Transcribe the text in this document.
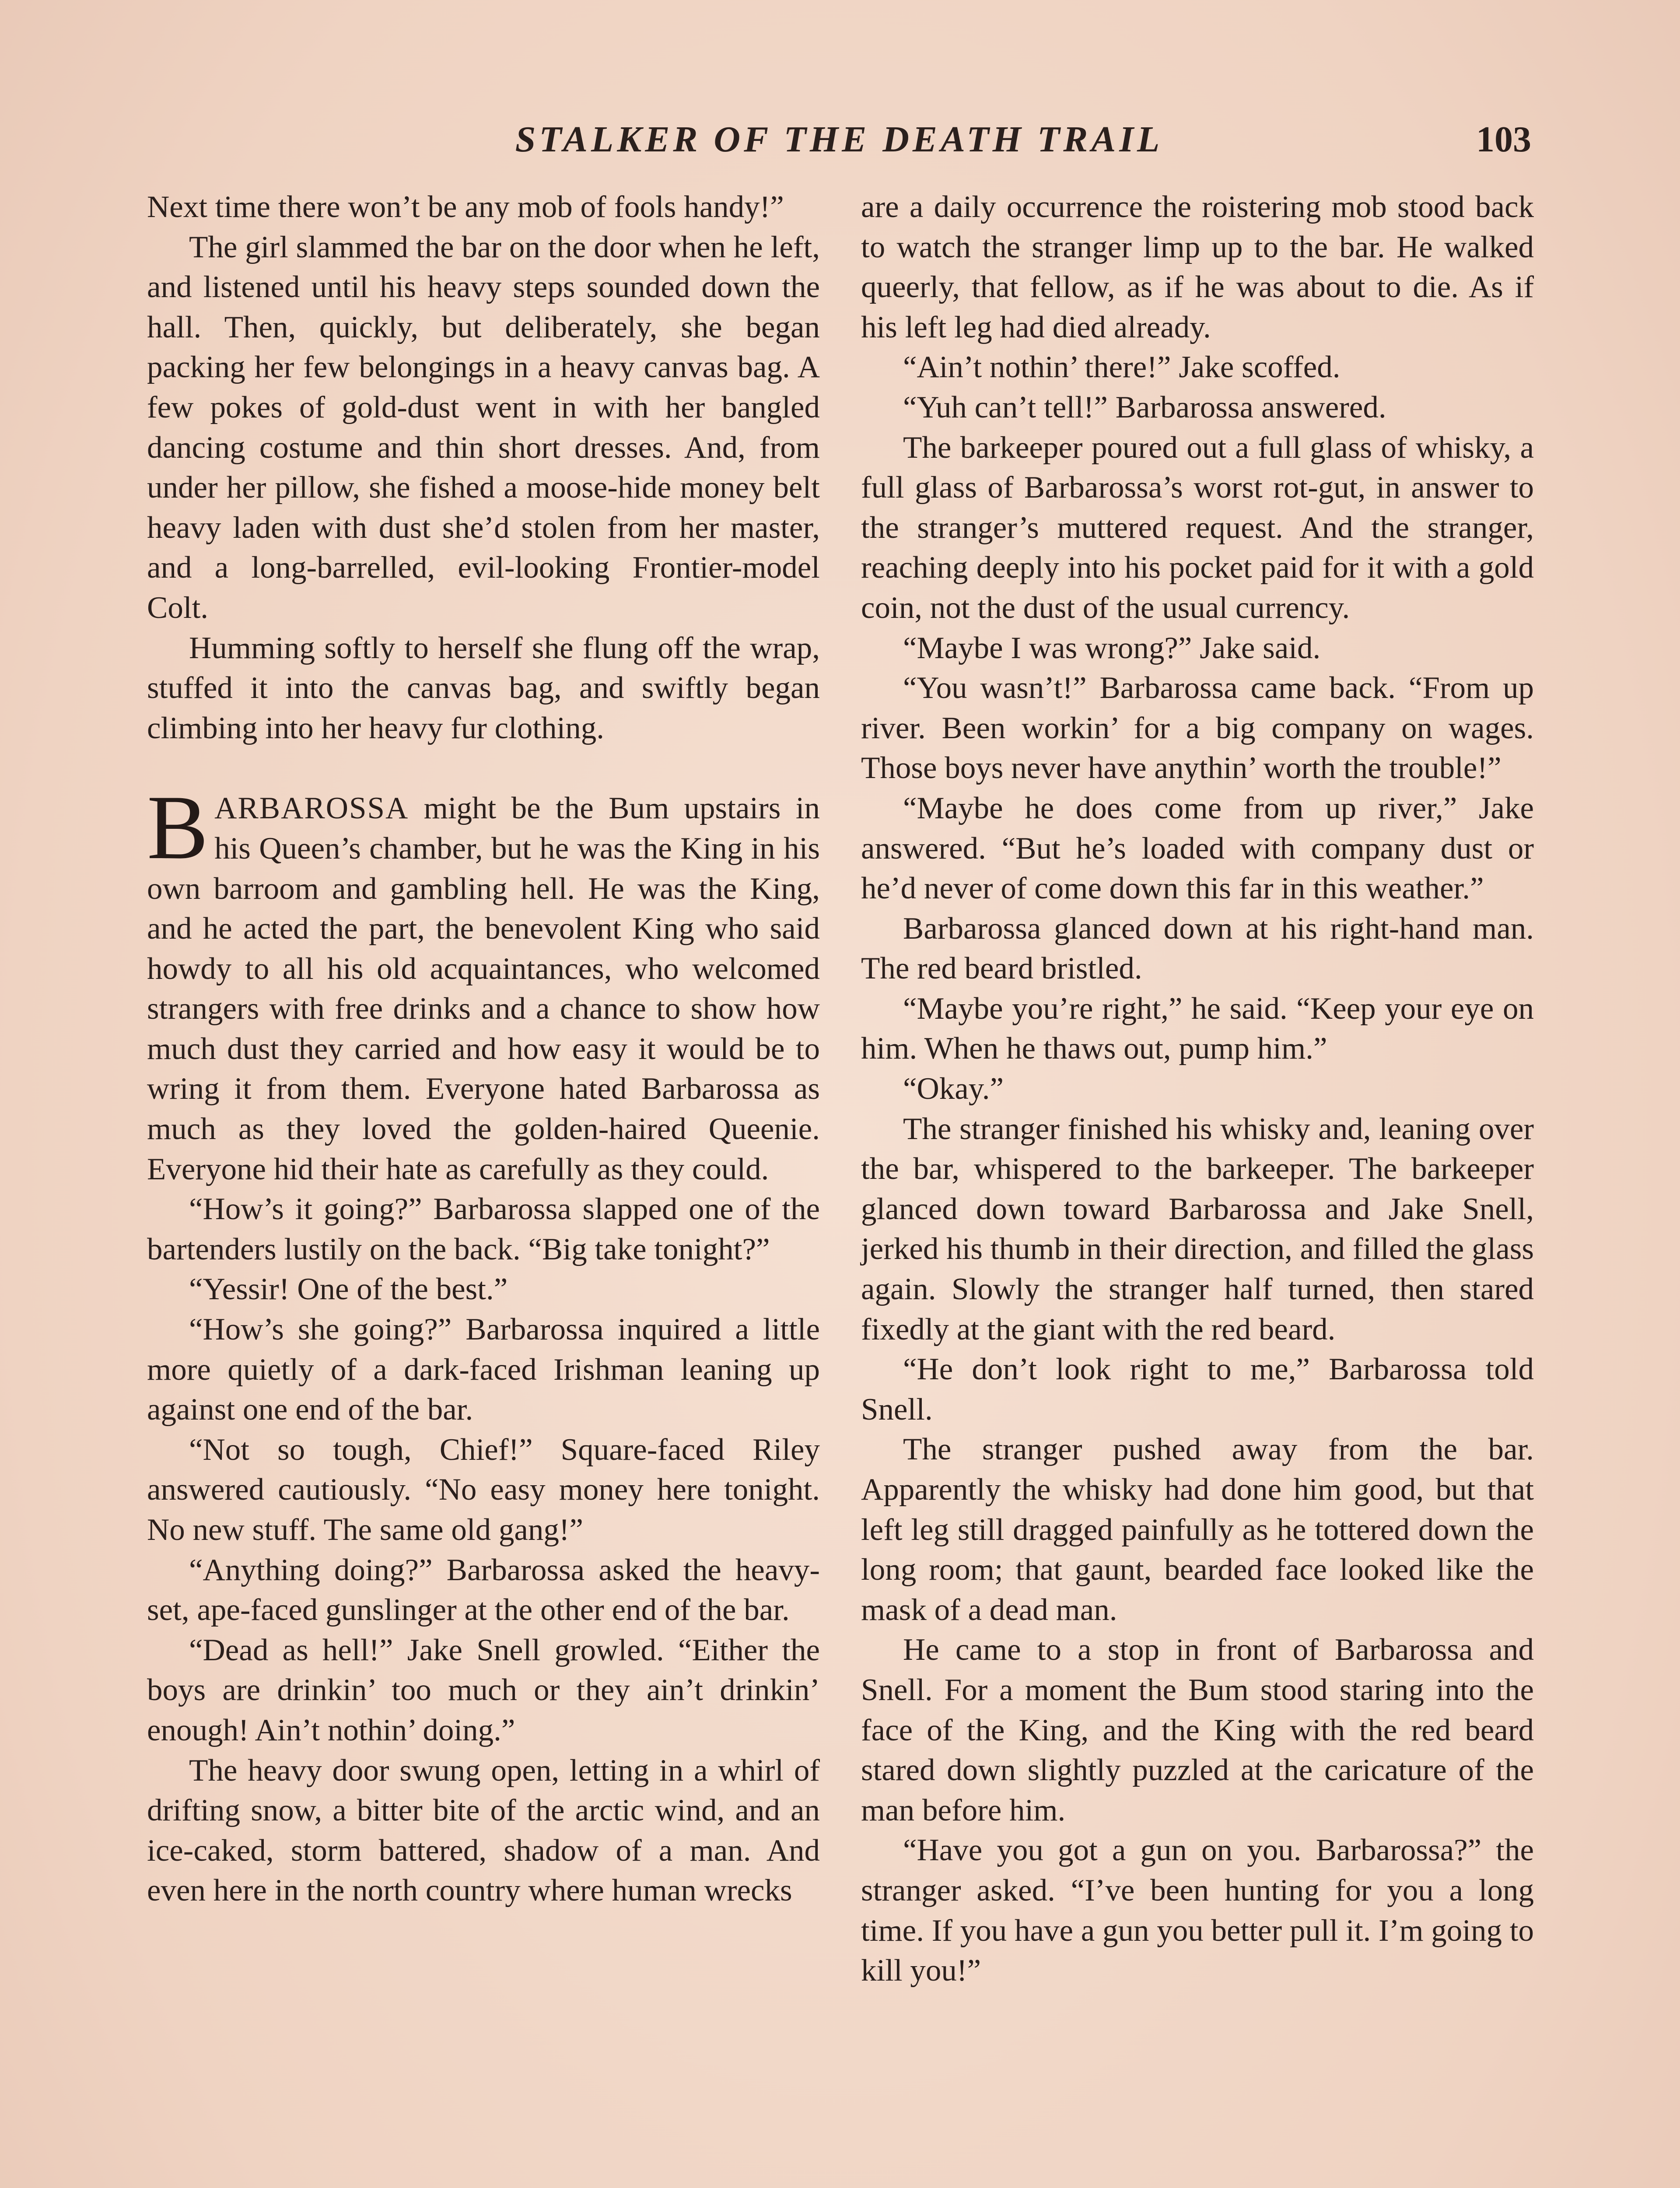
STALKER OF THE DEATH TRAIL	103

Next time there won’t be any mob of fools handy!”

The girl slammed the bar on the door when he left, and listened until his heavy steps sounded down the hall. Then, quickly, but deliberately, she began packing her few belongings in a heavy canvas bag. A few pokes of gold-dust went in with her bangled dancing costume and thin short dresses. And, from under her pillow, she fished a moose-hide money belt heavy laden with dust she’d stolen from her master, and a long-barrelled, evil-looking Frontier-model Colt.

Humming softly to herself she flung off the wrap, stuffed it into the canvas bag, and swiftly began climbing into her heavy fur clothing.

BARBAROSSA might be the Bum upstairs in his Queen’s chamber, but he was the King in his own barroom and gambling hell. He was the King, and he acted the part, the benevolent King who said howdy to all his old acquaintances, who welcomed strangers with free drinks and a chance to show how much dust they carried and how easy it would be to wring it from them. Everyone hated Barbarossa as much as they loved the golden-haired Queenie. Everyone hid their hate as carefully as they could.

“How’s it going?” Barbarossa slapped one of the bartenders lustily on the back. “Big take tonight?”

“Yessir! One of the best.”

“How’s she going?” Barbarossa inquired a little more quietly of a dark-faced Irishman leaning up against one end of the bar.

“Not so tough, Chief!” Square-faced Riley answered cautiously. “No easy money here tonight. No new stuff. The same old gang!”

“Anything doing?” Barbarossa asked the heavy-set, ape-faced gunslinger at the other end of the bar.

“Dead as hell!” Jake Snell growled. “Either the boys are drinkin’ too much or they ain’t drinkin’ enough! Ain’t nothin’ doing.”

The heavy door swung open, letting in a whirl of drifting snow, a bitter bite of the arctic wind, and an ice-caked, storm battered, shadow of a man. And even here in the north country where human wrecks

are a daily occurrence the roistering mob stood back to watch the stranger limp up to the bar. He walked queerly, that fellow, as if he was about to die. As if his left leg had died already.

“Ain’t nothin’ there!” Jake scoffed.

“Yuh can’t tell!” Barbarossa answered.

The barkeeper poured out a full glass of whisky, a full glass of Barbarossa’s worst rot-gut, in answer to the stranger’s muttered request. And the stranger, reaching deeply into his pocket paid for it with a gold coin, not the dust of the usual currency.

“Maybe I was wrong?” Jake said.

“You wasn’t!” Barbarossa came back. “From up river. Been workin’ for a big company on wages. Those boys never have anythin’ worth the trouble!”

“Maybe he does come from up river,” Jake answered. “But he’s loaded with company dust or he’d never of come down this far in this weather.”

Barbarossa glanced down at his right-hand man. The red beard bristled.

“Maybe you’re right,” he said. “Keep your eye on him. When he thaws out, pump him.”

“Okay.”

The stranger finished his whisky and, leaning over the bar, whispered to the barkeeper. The barkeeper glanced down toward Barbarossa and Jake Snell, jerked his thumb in their direction, and filled the glass again. Slowly the stranger half turned, then stared fixedly at the giant with the red beard.

“He don’t look right to me,” Barbarossa told Snell.

The stranger pushed away from the bar. Apparently the whisky had done him good, but that left leg still dragged painfully as he tottered down the long room; that gaunt, bearded face looked like the mask of a dead man.

He came to a stop in front of Barbarossa and Snell. For a moment the Bum stood staring into the face of the King, and the King with the red beard stared down slightly puzzled at the caricature of the man before him.

“Have you got a gun on you. Barbarossa?” the stranger asked. “I’ve been hunting for you a long time. If you have a gun you better pull it. I’m going to kill you!”
